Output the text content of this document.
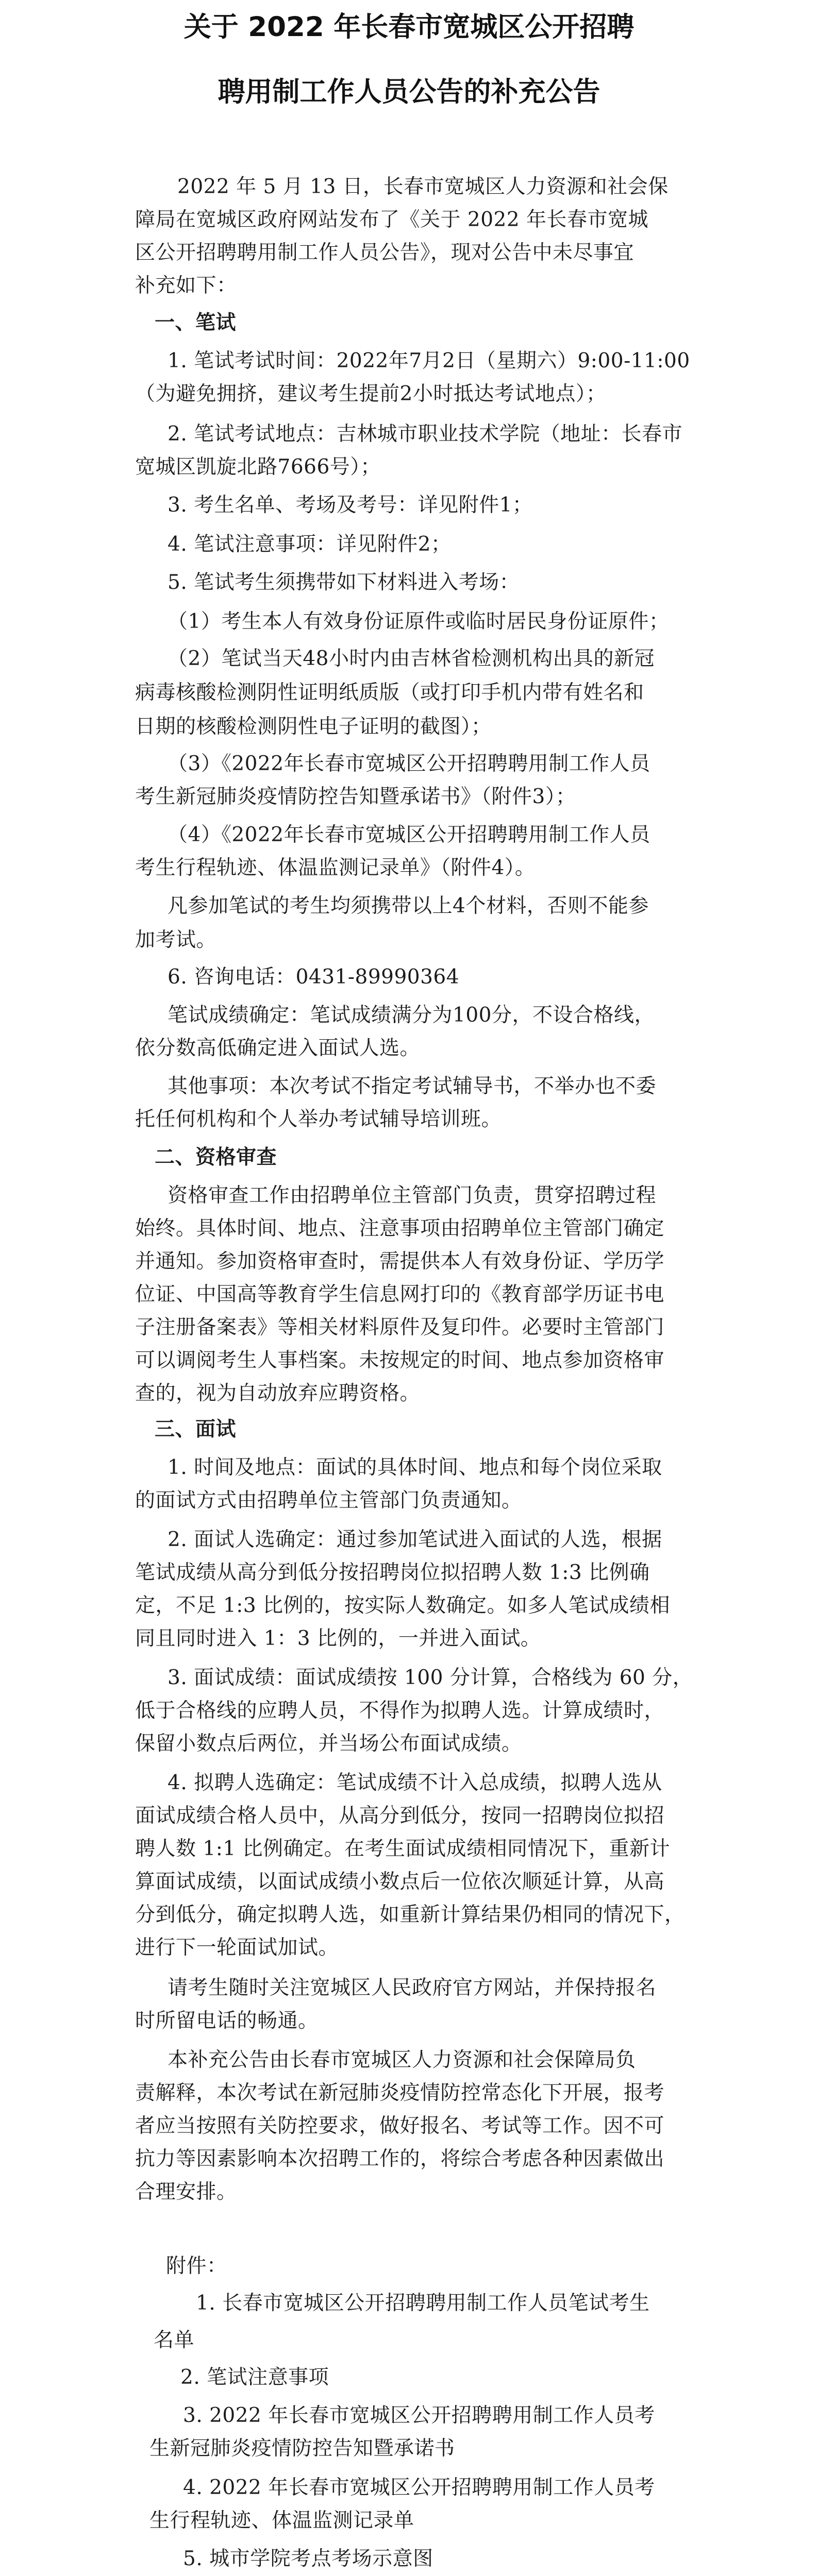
关于 2022 年长春市宽城区公开招聘
聘用制工作人员公告的补充公告
2022 年 5 月 13 日，长春市宽城区人力资源和社会保
障局在宽城区政府网站发布了《关于 2022 年长春市宽城
区公开招聘聘用制工作人员公告》，现对公告中未尽事宜
补充如下：
一、笔试
1. 笔试考试时间：2022年7月2日（星期六）9:00-11:00
（为避免拥挤，建议考生提前2小时抵达考试地点）；
2. 笔试考试地点：吉林城市职业技术学院（地址：长春市
宽城区凯旋北路7666号）；
3. 考生名单、考场及考号：详见附件1；
4. 笔试注意事项：详见附件2；
5. 笔试考生须携带如下材料进入考场：
（1）考生本人有效身份证原件或临时居民身份证原件；
（2）笔试当天48小时内由吉林省检测机构出具的新冠
病毒核酸检测阴性证明纸质版（或打印手机内带有姓名和
日期的核酸检测阴性电子证明的截图）；
（3）《2022年长春市宽城区公开招聘聘用制工作人员
考生新冠肺炎疫情防控告知暨承诺书》（附件3）；
（4）《2022年长春市宽城区公开招聘聘用制工作人员
考生行程轨迹、体温监测记录单》（附件4）。
凡参加笔试的考生均须携带以上4个材料，否则不能参
加考试。
6. 咨询电话：0431-89990364
笔试成绩确定：笔试成绩满分为100分，不设合格线，
依分数高低确定进入面试人选。
其他事项：本次考试不指定考试辅导书，不举办也不委
托任何机构和个人举办考试辅导培训班。
二、资格审查
资格审查工作由招聘单位主管部门负责，贯穿招聘过程
始终。具体时间、地点、注意事项由招聘单位主管部门确定
并通知。参加资格审查时，需提供本人有效身份证、学历学
位证、中国高等教育学生信息网打印的《教育部学历证书电
子注册备案表》等相关材料原件及复印件。必要时主管部门
可以调阅考生人事档案。未按规定的时间、地点参加资格审
查的，视为自动放弃应聘资格。
三、面试
1. 时间及地点：面试的具体时间、地点和每个岗位采取
的面试方式由招聘单位主管部门负责通知。
2. 面试人选确定：通过参加笔试进入面试的人选，根据
笔试成绩从高分到低分按招聘岗位拟招聘人数 1:3 比例确
定，不足 1:3 比例的，按实际人数确定。如多人笔试成绩相
同且同时进入 1：3 比例的，一并进入面试。
3. 面试成绩：面试成绩按 100 分计算，合格线为 60 分，
低于合格线的应聘人员，不得作为拟聘人选。计算成绩时，
保留小数点后两位，并当场公布面试成绩。
4. 拟聘人选确定：笔试成绩不计入总成绩，拟聘人选从
面试成绩合格人员中，从高分到低分，按同一招聘岗位拟招
聘人数 1:1 比例确定。在考生面试成绩相同情况下，重新计
算面试成绩，以面试成绩小数点后一位依次顺延计算，从高
分到低分，确定拟聘人选，如重新计算结果仍相同的情况下，
进行下一轮面试加试。
请考生随时关注宽城区人民政府官方网站，并保持报名
时所留电话的畅通。
本补充公告由长春市宽城区人力资源和社会保障局负
责解释，本次考试在新冠肺炎疫情防控常态化下开展，报考
者应当按照有关防控要求，做好报名、考试等工作。因不可
抗力等因素影响本次招聘工作的，将综合考虑各种因素做出
合理安排。
附件：
1. 长春市宽城区公开招聘聘用制工作人员笔试考生
名单
2. 笔试注意事项
3. 2022 年长春市宽城区公开招聘聘用制工作人员考
生新冠肺炎疫情防控告知暨承诺书
4. 2022 年长春市宽城区公开招聘聘用制工作人员考
生行程轨迹、体温监测记录单
5. 城市学院考点考场示意图
